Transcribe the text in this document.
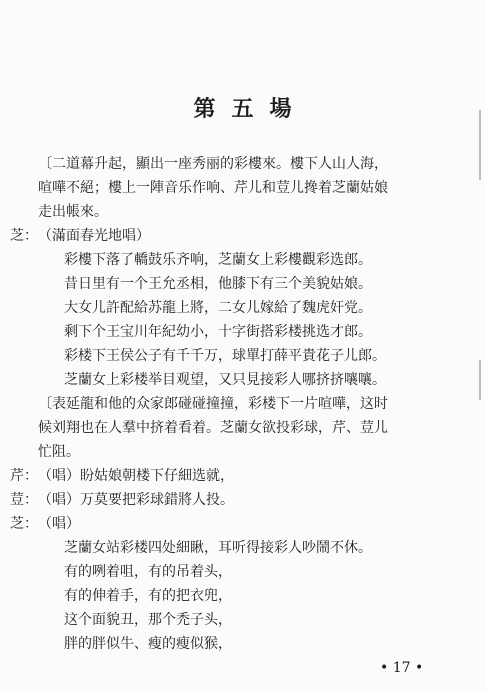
第五場
〔二道幕升起，顯出一座秀丽的彩樓來。樓下人山人海，
喧嘩不絕；樓上一陣音乐作响、芹儿和荳儿搀着芝蘭姑娘
走出帳來。
芝： （滿面春光地唱）
彩樓下落了轎鼓乐齐响，芝蘭女上彩樓觀彩选郎。
昔日里有一个王允丞相，他膝下有三个美貌姑娘。
大女儿許配給苏龍上將，二女儿嫁給了魏虎奸党。
剩下个王宝川年紀幼小，十字街搭彩楼挑选才郎。
彩楼下王侯公子有千千万，球單打薛平貴花子儿郎。
芝蘭女上彩楼举目观望，又只見接彩人哪挤挤嚷嚷。
〔表延龍和他的众家郎碰碰撞撞，彩楼下一片喧嘩，这时
候刘翔也在人羣中挤着看着。芝蘭女欲投彩球，芹、荳儿
忙阻。
芹： （唱）盼姑娘朝楼下仔細选就，
荳： （唱）万莫要把彩球錯將人投。
芝： （唱）
芝蘭女站彩楼四处細瞅，耳听得接彩人吵鬧不休。
有的咧着咀，有的吊着头，
有的伸着手，有的把衣兜，
这个面貌丑，那个禿子头，
胖的胖似牛、瘦的瘦似猴，
• 17 •
